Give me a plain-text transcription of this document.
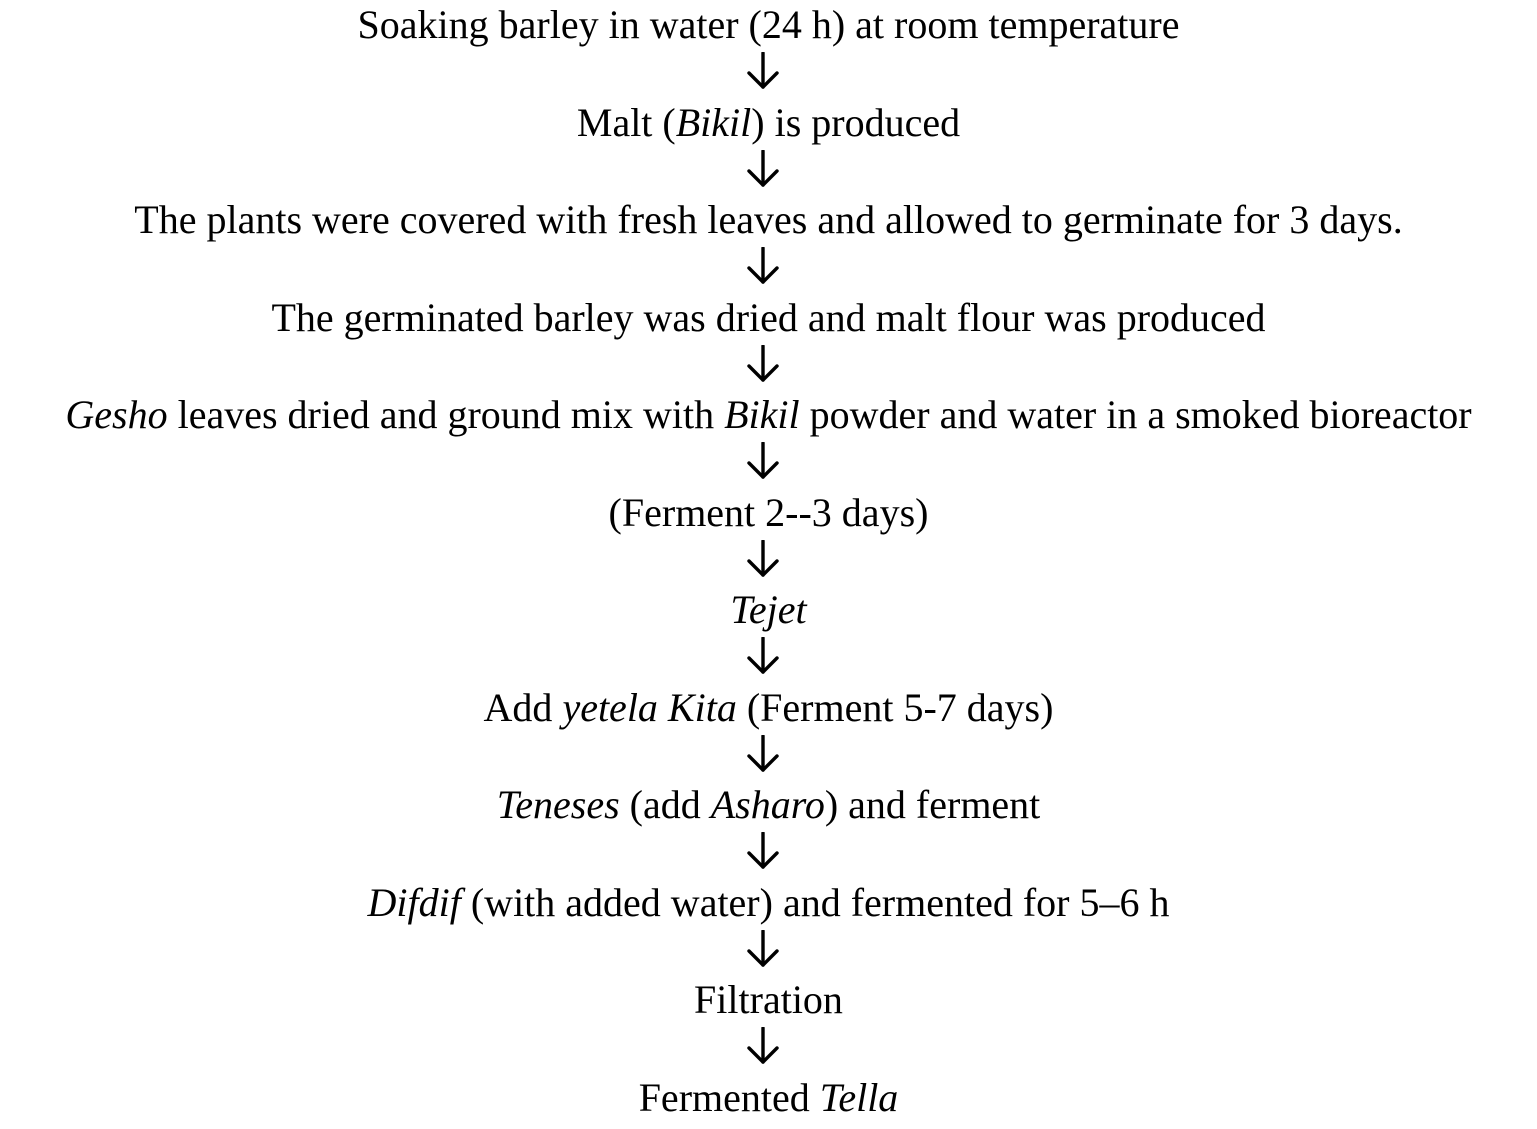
Soaking barley in water (24 h) at room temperature
Malt (Bikil) is produced
The plants were covered with fresh leaves and allowed to germinate for 3 days.
The germinated barley was dried and malt flour was produced
Gesho leaves dried and ground mix with Bikil powder and water in a smoked bioreactor
(Ferment 2--3 days)
Tejet
Add yetela Kita (Ferment 5-7 days)
Teneses (add Asharo) and ferment
Difdif (with added water) and fermented for 5–6 h
Filtration
Fermented Tella
